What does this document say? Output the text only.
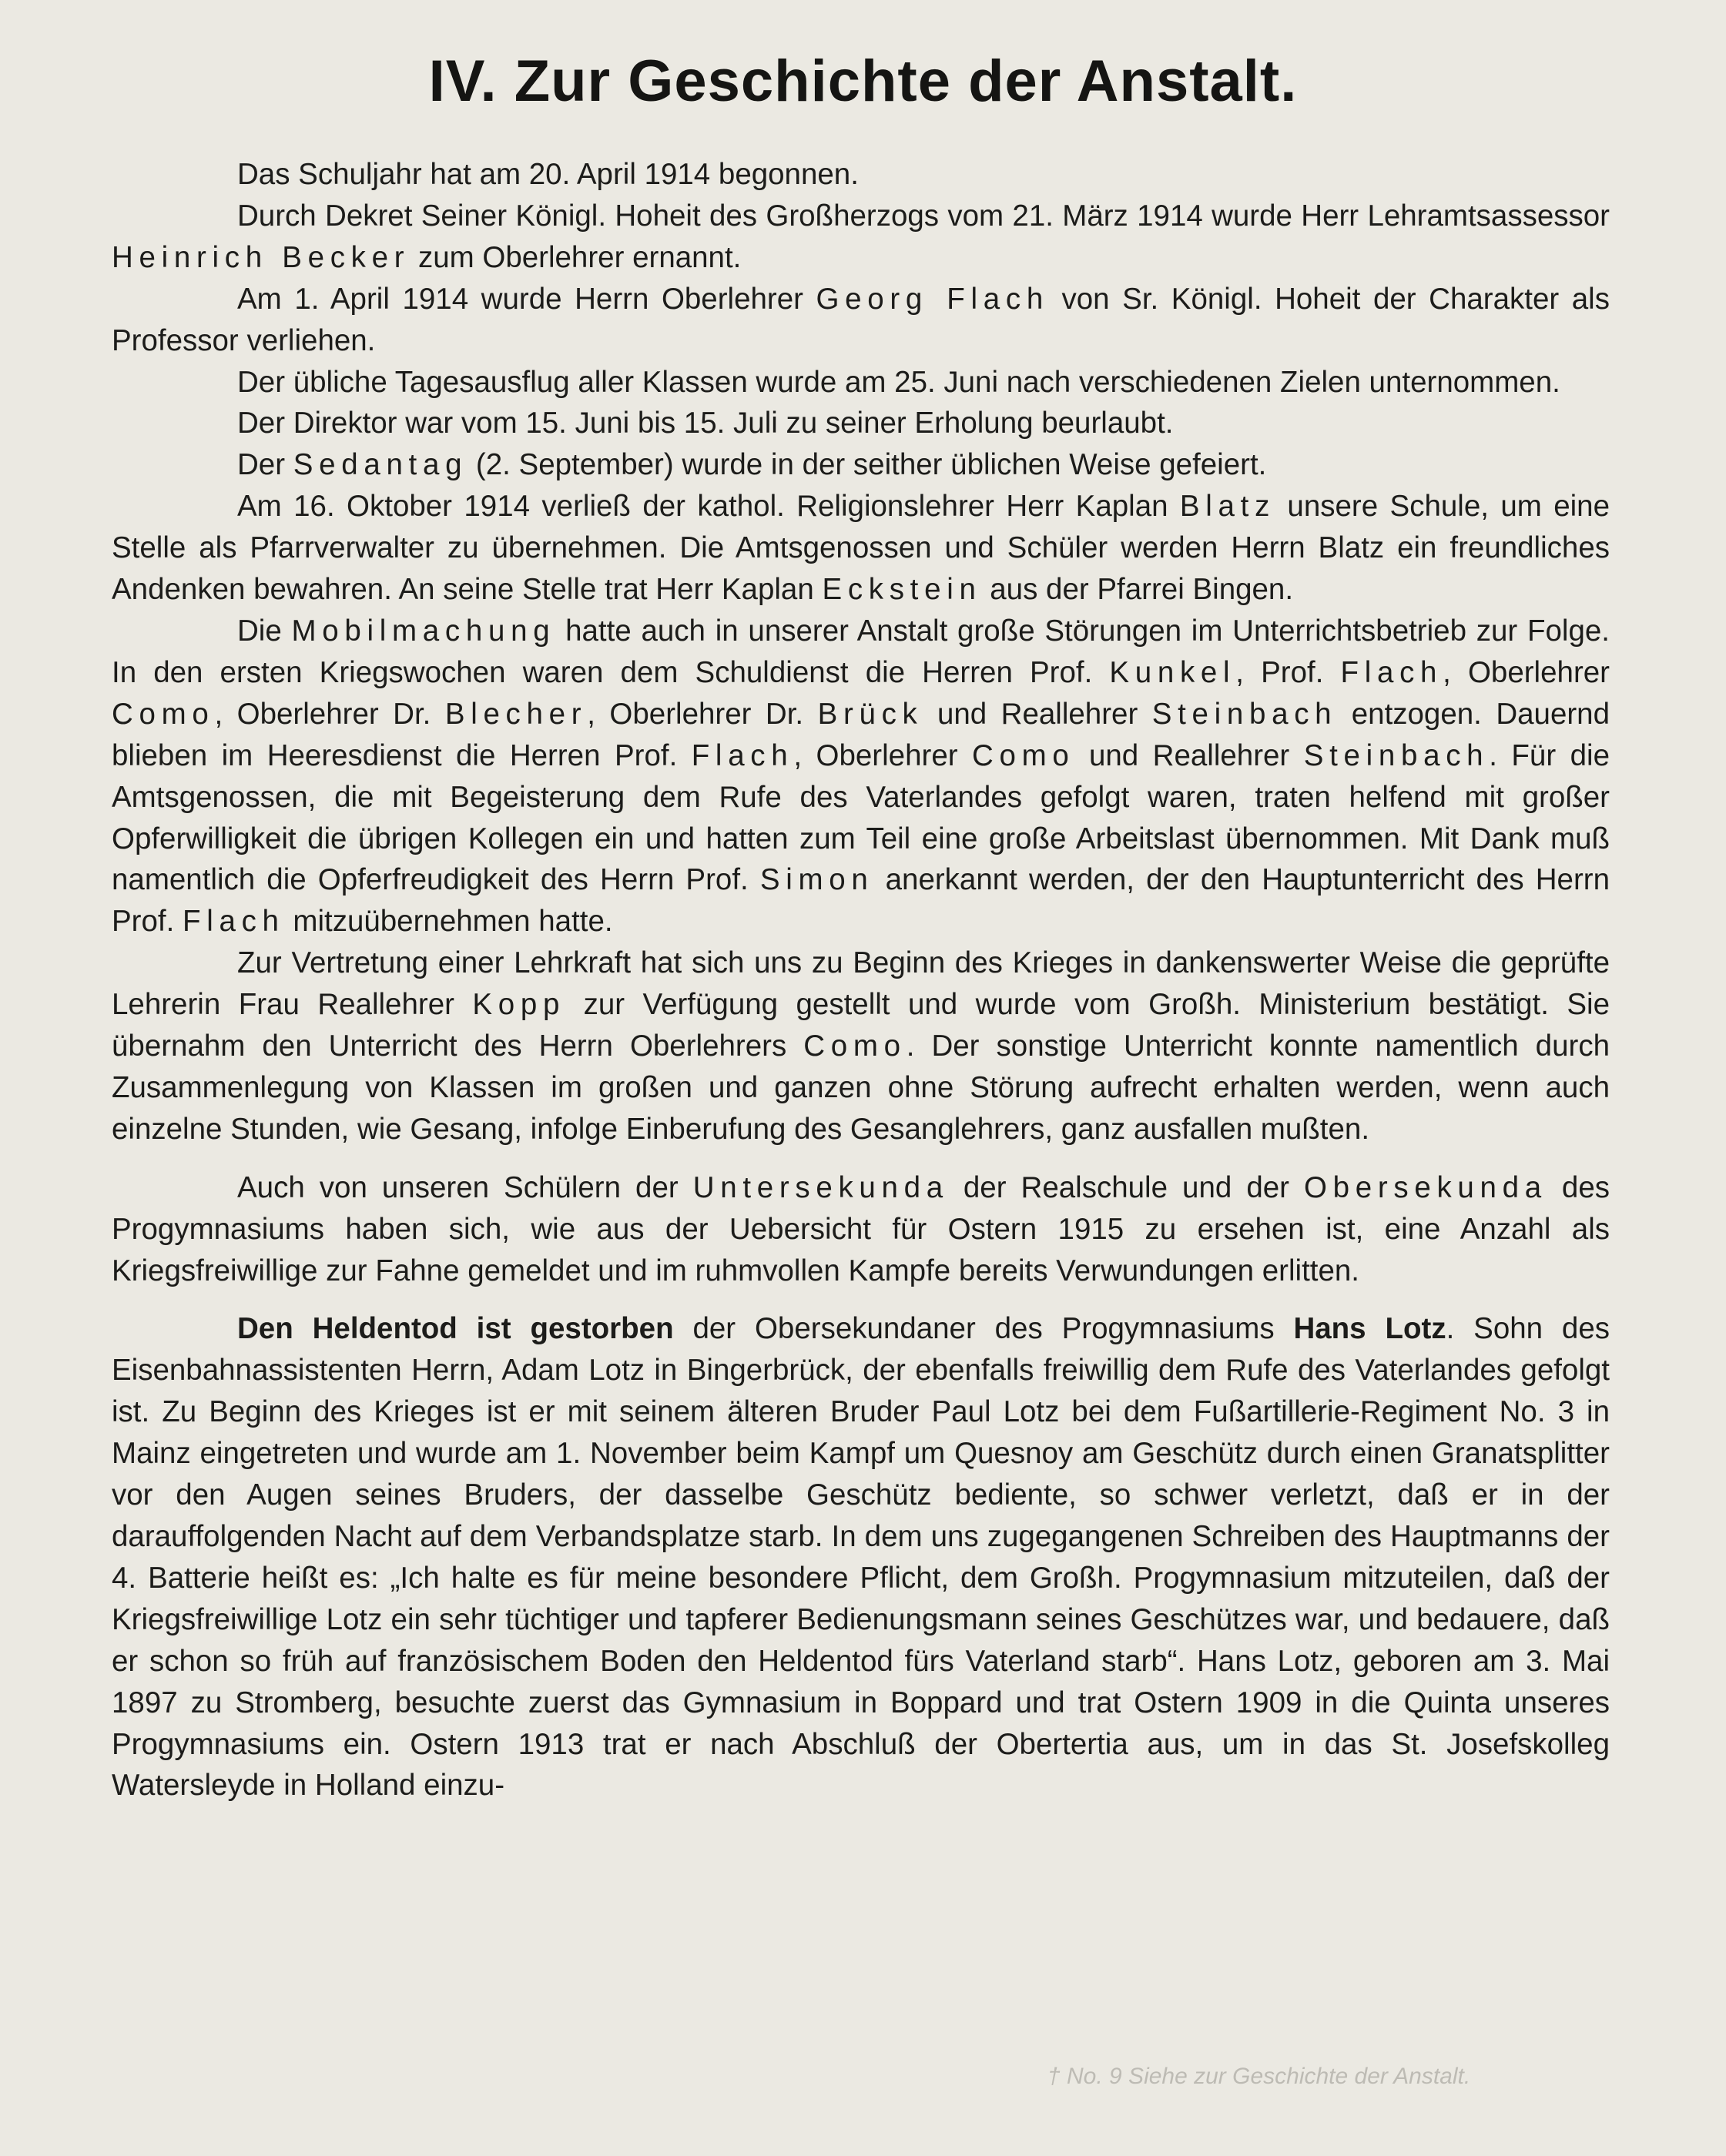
IV. Zur Geschichte der Anstalt.

Das Schuljahr hat am 20. April 1914 begonnen.

Durch Dekret Seiner Königl. Hoheit des Großherzogs vom 21. März 1914 wurde Herr Lehramtsassessor Heinrich Becker zum Oberlehrer ernannt.

Am 1. April 1914 wurde Herrn Oberlehrer Georg Flach von Sr. Königl. Hoheit der Charakter als Professor verliehen.

Der übliche Tagesausflug aller Klassen wurde am 25. Juni nach verschiedenen Zielen unternommen.

Der Direktor war vom 15. Juni bis 15. Juli zu seiner Erholung beurlaubt.

Der Sedantag (2. September) wurde in der seither üblichen Weise gefeiert.

Am 16. Oktober 1914 verließ der kathol. Religionslehrer Herr Kaplan Blatz unsere Schule, um eine Stelle als Pfarrverwalter zu übernehmen. Die Amtsgenossen und Schüler werden Herrn Blatz ein freundliches Andenken bewahren. An seine Stelle trat Herr Kaplan Eckstein aus der Pfarrei Bingen.

Die Mobilmachung hatte auch in unserer Anstalt große Störungen im Unterrichtsbetrieb zur Folge. In den ersten Kriegswochen waren dem Schuldienst die Herren Prof. Kunkel, Prof. Flach, Oberlehrer Como, Oberlehrer Dr. Blecher, Oberlehrer Dr. Brück und Reallehrer Steinbach entzogen. Dauernd blieben im Heeresdienst die Herren Prof. Flach, Oberlehrer Como und Reallehrer Steinbach. Für die Amtsgenossen, die mit Begeisterung dem Rufe des Vaterlandes gefolgt waren, traten helfend mit großer Opferwilligkeit die übrigen Kollegen ein und hatten zum Teil eine große Arbeitslast übernommen. Mit Dank muß namentlich die Opferfreudigkeit des Herrn Prof. Simon anerkannt werden, der den Hauptunterricht des Herrn Prof. Flach mitzuübernehmen hatte.

Zur Vertretung einer Lehrkraft hat sich uns zu Beginn des Krieges in dankenswerter Weise die geprüfte Lehrerin Frau Reallehrer Kopp zur Verfügung gestellt und wurde vom Großh. Ministerium bestätigt. Sie übernahm den Unterricht des Herrn Oberlehrers Como. Der sonstige Unterricht konnte namentlich durch Zusammenlegung von Klassen im großen und ganzen ohne Störung aufrecht erhalten werden, wenn auch einzelne Stunden, wie Gesang, infolge Einberufung des Gesanglehrers, ganz ausfallen mußten.

Auch von unseren Schülern der Untersekunda der Realschule und der Obersekunda des Progymnasiums haben sich, wie aus der Uebersicht für Ostern 1915 zu ersehen ist, eine Anzahl als Kriegsfreiwillige zur Fahne gemeldet und im ruhmvollen Kampfe bereits Verwundungen erlitten.

Den Heldentod ist gestorben der Obersekundaner des Progymnasiums Hans Lotz. Sohn des Eisenbahnassistenten Herrn, Adam Lotz in Bingerbrück, der ebenfalls freiwillig dem Rufe des Vaterlandes gefolgt ist. Zu Beginn des Krieges ist er mit seinem älteren Bruder Paul Lotz bei dem Fußartillerie-Regiment No. 3 in Mainz eingetreten und wurde am 1. November beim Kampf um Quesnoy am Geschütz durch einen Granatsplitter vor den Augen seines Bruders, der dasselbe Geschütz bediente, so schwer verletzt, daß er in der darauffolgenden Nacht auf dem Verbandsplatze starb. In dem uns zugegangenen Schreiben des Hauptmanns der 4. Batterie heißt es: „Ich halte es für meine besondere Pflicht, dem Großh. Progymnasium mitzuteilen, daß der Kriegsfreiwillige Lotz ein sehr tüchtiger und tapferer Bedienungsmann seines Geschützes war, und bedauere, daß er schon so früh auf französischem Boden den Heldentod fürs Vaterland starb“. Hans Lotz, geboren am 3. Mai 1897 zu Stromberg, besuchte zuerst das Gymnasium in Boppard und trat Ostern 1909 in die Quinta unseres Progymnasiums ein. Ostern 1913 trat er nach Abschluß der Obertertia aus, um in das St. Josefskolleg Watersleyde in Holland einzu-

† No. 9 Siehe zur Geschichte der Anstalt.
